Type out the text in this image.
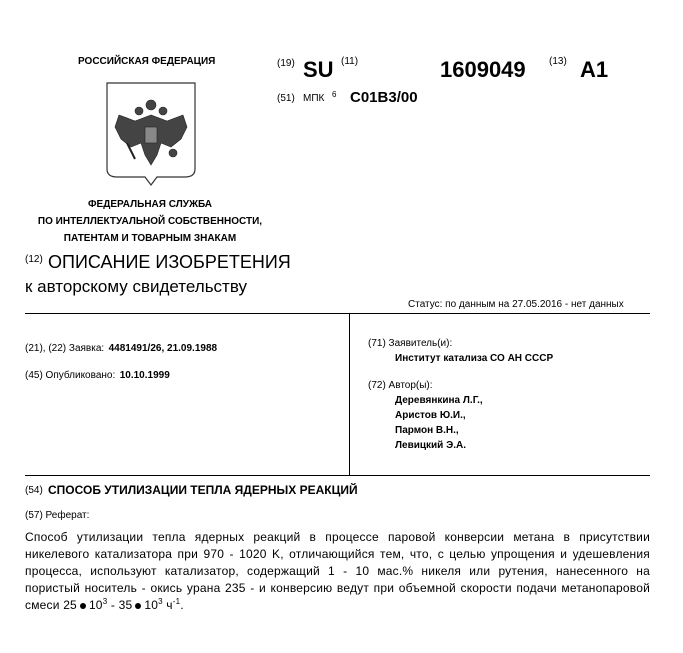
РОССИЙСКАЯ ФЕДЕРАЦИЯ
ФЕДЕРАЛЬНАЯ СЛУЖБА
ПО ИНТЕЛЛЕКТУАЛЬНОЙ СОБСТВЕННОСТИ,
ПАТЕНТАМ И ТОВАРНЫМ ЗНАКАМ
(19) SU (11)	1609049 (13) A1
(51) МПК 6 C01B3/00
(12) ОПИСАНИЕ ИЗОБРЕТЕНИЯ
к авторскому свидетельству
Статус: по данным на 27.05.2016 - нет данных
(21), (22) Заявка: 4481491/26, 21.09.1988
(45) Опубликовано: 10.10.1999
(71) Заявитель(и):
Институт катализа СО АН СССР
(72) Автор(ы):
Деревянкина Л.Г.,
Аристов Ю.И.,
Пармон В.Н.,
Левицкий Э.А.
(54) СПОСОБ УТИЛИЗАЦИИ ТЕПЛА ЯДЕРНЫХ РЕАКЦИЙ
(57) Реферат:
Способ утилизации тепла ядерных реакций в процессе паровой конверсии метана в присутствии никелевого катализатора при 970 - 1020 K, отличающийся тем, что, с целью упрощения и удешевления процесса, используют катализатор, содержащий 1 - 10 мас.% никеля или рутения, нанесенного на пористый носитель - окись урана 235 - и конверсию ведут при объемной скорости подачи метанопаровой смеси 25 $10^3 - 35$ $10^3$ $ч^{-1}$.
